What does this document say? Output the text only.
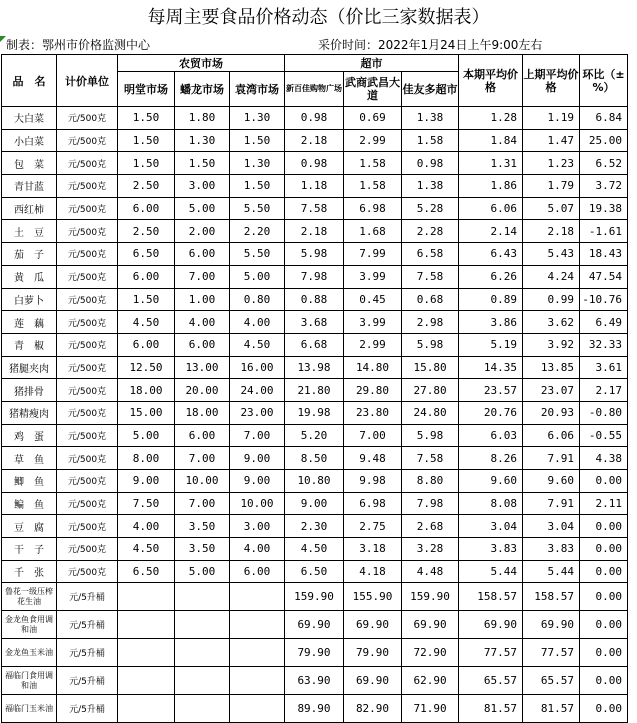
每周主要食品价格动态（价比三家数据表）
制表：鄂州市价格监测中心	采价时间：2022年1月24日上午9:00左右
品　名	计价单位	农贸市场			超市			本期平均价格	上期平均价格	环比（±%）
		明堂市场	蟠龙市场	袁湾市场	新百佳购物广场	武商武昌大道	佳友多超市			
大白菜	元/500克	1.50	1.80	1.30	0.98	0.69	1.38	1.28	1.19	6.84
小白菜	元/500克	1.50	1.30	1.50	2.18	2.99	1.58	1.84	1.47	25.00
包　菜	元/500克	1.50	1.50	1.30	0.98	1.58	0.98	1.31	1.23	6.52
青甘蓝	元/500克	2.50	3.00	1.50	1.18	1.58	1.38	1.86	1.79	3.72
西红柿	元/500克	6.00	5.00	5.50	7.58	6.98	5.28	6.06	5.07	19.38
土　豆	元/500克	2.50	2.00	2.20	2.18	1.68	2.28	2.14	2.18	-1.61
茄　子	元/500克	6.50	6.00	5.50	5.98	7.99	6.58	6.43	5.43	18.43
黄　瓜	元/500克	6.00	7.00	5.00	7.98	3.99	7.58	6.26	4.24	47.54
白萝卜	元/500克	1.50	1.00	0.80	0.88	0.45	0.68	0.89	0.99	-10.76
莲　藕	元/500克	4.50	4.00	4.00	3.68	3.99	2.98	3.86	3.62	6.49
青　椒	元/500克	6.00	6.00	4.50	6.68	2.99	5.98	5.19	3.92	32.33
猪腿夹肉	元/500克	12.50	13.00	16.00	13.98	14.80	15.80	14.35	13.85	3.61
猪排骨	元/500克	18.00	20.00	24.00	21.80	29.80	27.80	23.57	23.07	2.17
猪精瘦肉	元/500克	15.00	18.00	23.00	19.98	23.80	24.80	20.76	20.93	-0.80
鸡　蛋	元/500克	5.00	6.00	7.00	5.20	7.00	5.98	6.03	6.06	-0.55
草　鱼	元/500克	8.00	7.00	9.00	8.50	9.48	7.58	8.26	7.91	4.38
鲫　鱼	元/500克	9.00	10.00	9.00	10.80	9.98	8.80	9.60	9.60	0.00
鳊　鱼	元/500克	7.50	7.00	10.00	9.00	6.98	7.98	8.08	7.91	2.11
豆　腐	元/500克	4.00	3.50	3.00	2.30	2.75	2.68	3.04	3.04	0.00
干　子	元/500克	4.50	3.50	4.00	4.50	3.18	3.28	3.83	3.83	0.00
千　张	元/500克	6.50	5.00	6.00	6.50	4.18	4.48	5.44	5.44	0.00
鲁花一级压榨花生油	元/5升桶				159.90	155.90	159.90	158.57	158.57	0.00
金龙鱼食用调和油	元/5升桶				69.90	69.90	69.90	69.90	69.90	0.00
金龙鱼玉米油	元/5升桶				79.90	79.90	72.90	77.57	77.57	0.00
福临门食用调和油	元/5升桶				63.90	69.90	62.90	65.57	65.57	0.00
福临门玉米油	元/5升桶				89.90	82.90	71.90	81.57	81.57	0.00
